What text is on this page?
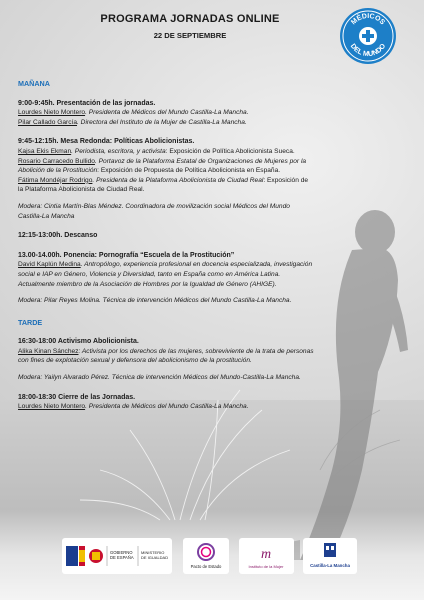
PROGRAMA JORNADAS ONLINE
22 DE SEPTIEMBRE
MÉDICOS
DEL MUNDO

MAÑANA

9:00-9:45h. Presentación de las jornadas.

Lourdes Nieto Montero. Presidenta de Médicos del Mundo Castilla-La Mancha.

Pilar Callado García. Directora del Instituto de la Mujer de Castilla-La Mancha.

9:45-12:15h. Mesa Redonda: Políticas Abolicionistas.

Kajsa Ekis Ekman. Periodista, escritora, y activista: Exposición de Política Abolicionista Sueca.

Rosario Carracedo Bullido. Portavoz de la Plataforma Estatal de Organizaciones de Mujeres por la

Abolición de la Prostitución: Exposición de Propuesta de Política Abolicionista en España.

Fátima Mondéjar Rodrigo. Presidenta de la Plataforma Abolicionista de Ciudad Real: Exposición de

la Plataforma Abolicionista de Ciudad Real.

Modera: Cintia Martín-Blas Méndez. Coordinadora de movilización social Médicos del Mundo

Castilla-La Mancha

12:15-13:00h. Descanso

13.00-14.00h. Ponencia: Pornografía “Escuela de la Prostitución”

David Kaplún Medina. Antropólogo, experiencia profesional en docencia especializada, investigación

social e IAP en Género, Violencia y Diversidad, tanto en España como en América Latina.

Actualmente miembro de la Asociación de Hombres por la Igualdad de Género (AHIGE).

Modera: Pilar Reyes Molina. Técnica de intervención Médicos del Mundo Castilla-La Mancha.

TARDE

16:30-18:00 Activismo Abolicionista.

Alika Kinan Sánchez: Activista por los derechos de las mujeres, sobreviviente de la trata de personas

con fines de explotación sexual y defensora del abolicionismo de la prostitución.

Modera: Yailyn Alvarado Pérez. Técnica de intervención Médicos del Mundo-Castilla-La Mancha.

18:00-18:30 Cierre de las Jornadas.

Lourdes Nieto Montero. Presidenta de Médicos del Mundo Castilla-La Mancha.

GOBIERNO
DE ESPAÑA
MINISTERIO
DE IGUALDAD
Pacto de Estado
m
Instituto de la Mujer	Castilla-La Mancha
